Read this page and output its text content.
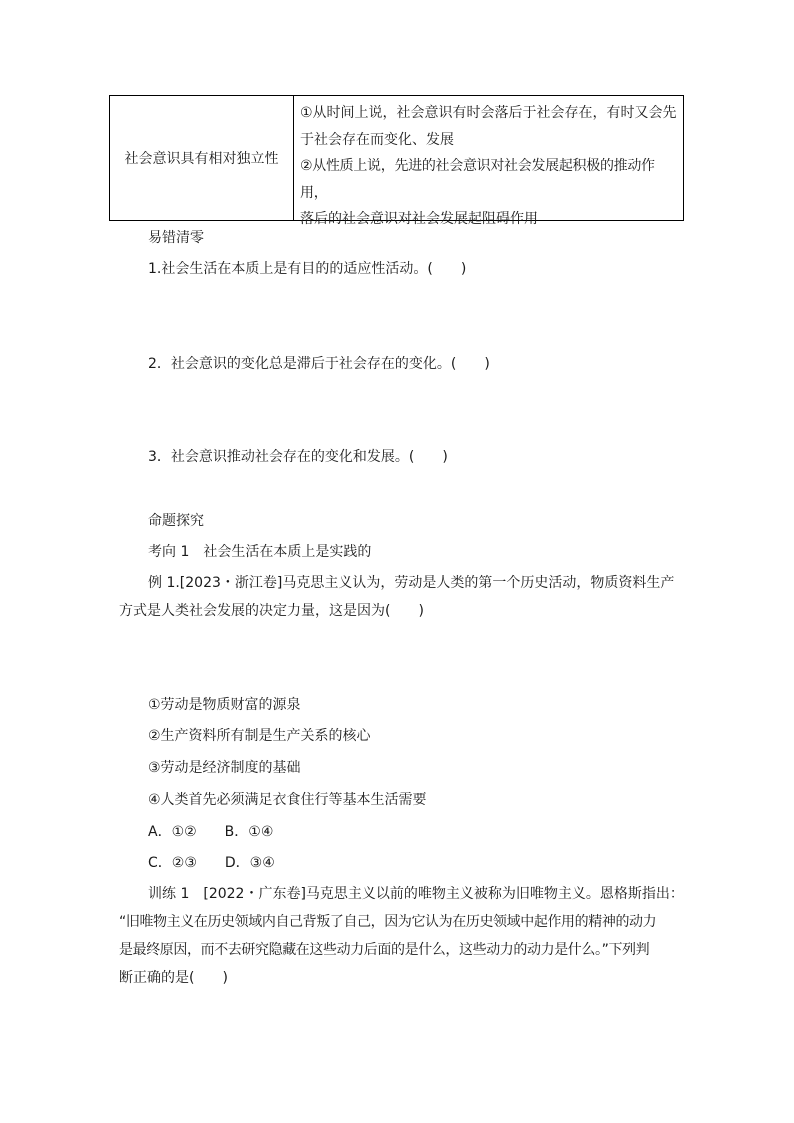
社会意识具有相对独立性

①从时间上说，社会意识有时会落后于社会存在，有时又会先

于社会存在而变化、发展

②从性质上说，先进的社会意识对社会发展起积极的推动作用，

落后的社会意识对社会发展起阻碍作用

易错清零

1.社会生活在本质上是有目的的适应性活动。(　　)

2．社会意识的变化总是滞后于社会存在的变化。(　　)

3．社会意识推动社会存在的变化和发展。(　　)

命题探究

考向 1　社会生活在本质上是实践的

例 1.[2023・浙江卷]马克思主义认为，劳动是人类的第一个历史活动，物质资料生产
方式是人类社会发展的决定力量，这是因为(　　)

①劳动是物质财富的源泉

②生产资料所有制是生产关系的核心

③劳动是经济制度的基础

④人类首先必须满足衣食住行等基本生活需要

A．①②　　B．①④

C．②③　　D．③④

训练 1　[2022・广东卷]马克思主义以前的唯物主义被称为旧唯物主义。恩格斯指出：
“旧唯物主义在历史领域内自己背叛了自己，因为它认为在历史领域中起作用的精神的动力
是最终原因，而不去研究隐藏在这些动力后面的是什么，这些动力的动力是什么。”下列判
断正确的是(　　)
